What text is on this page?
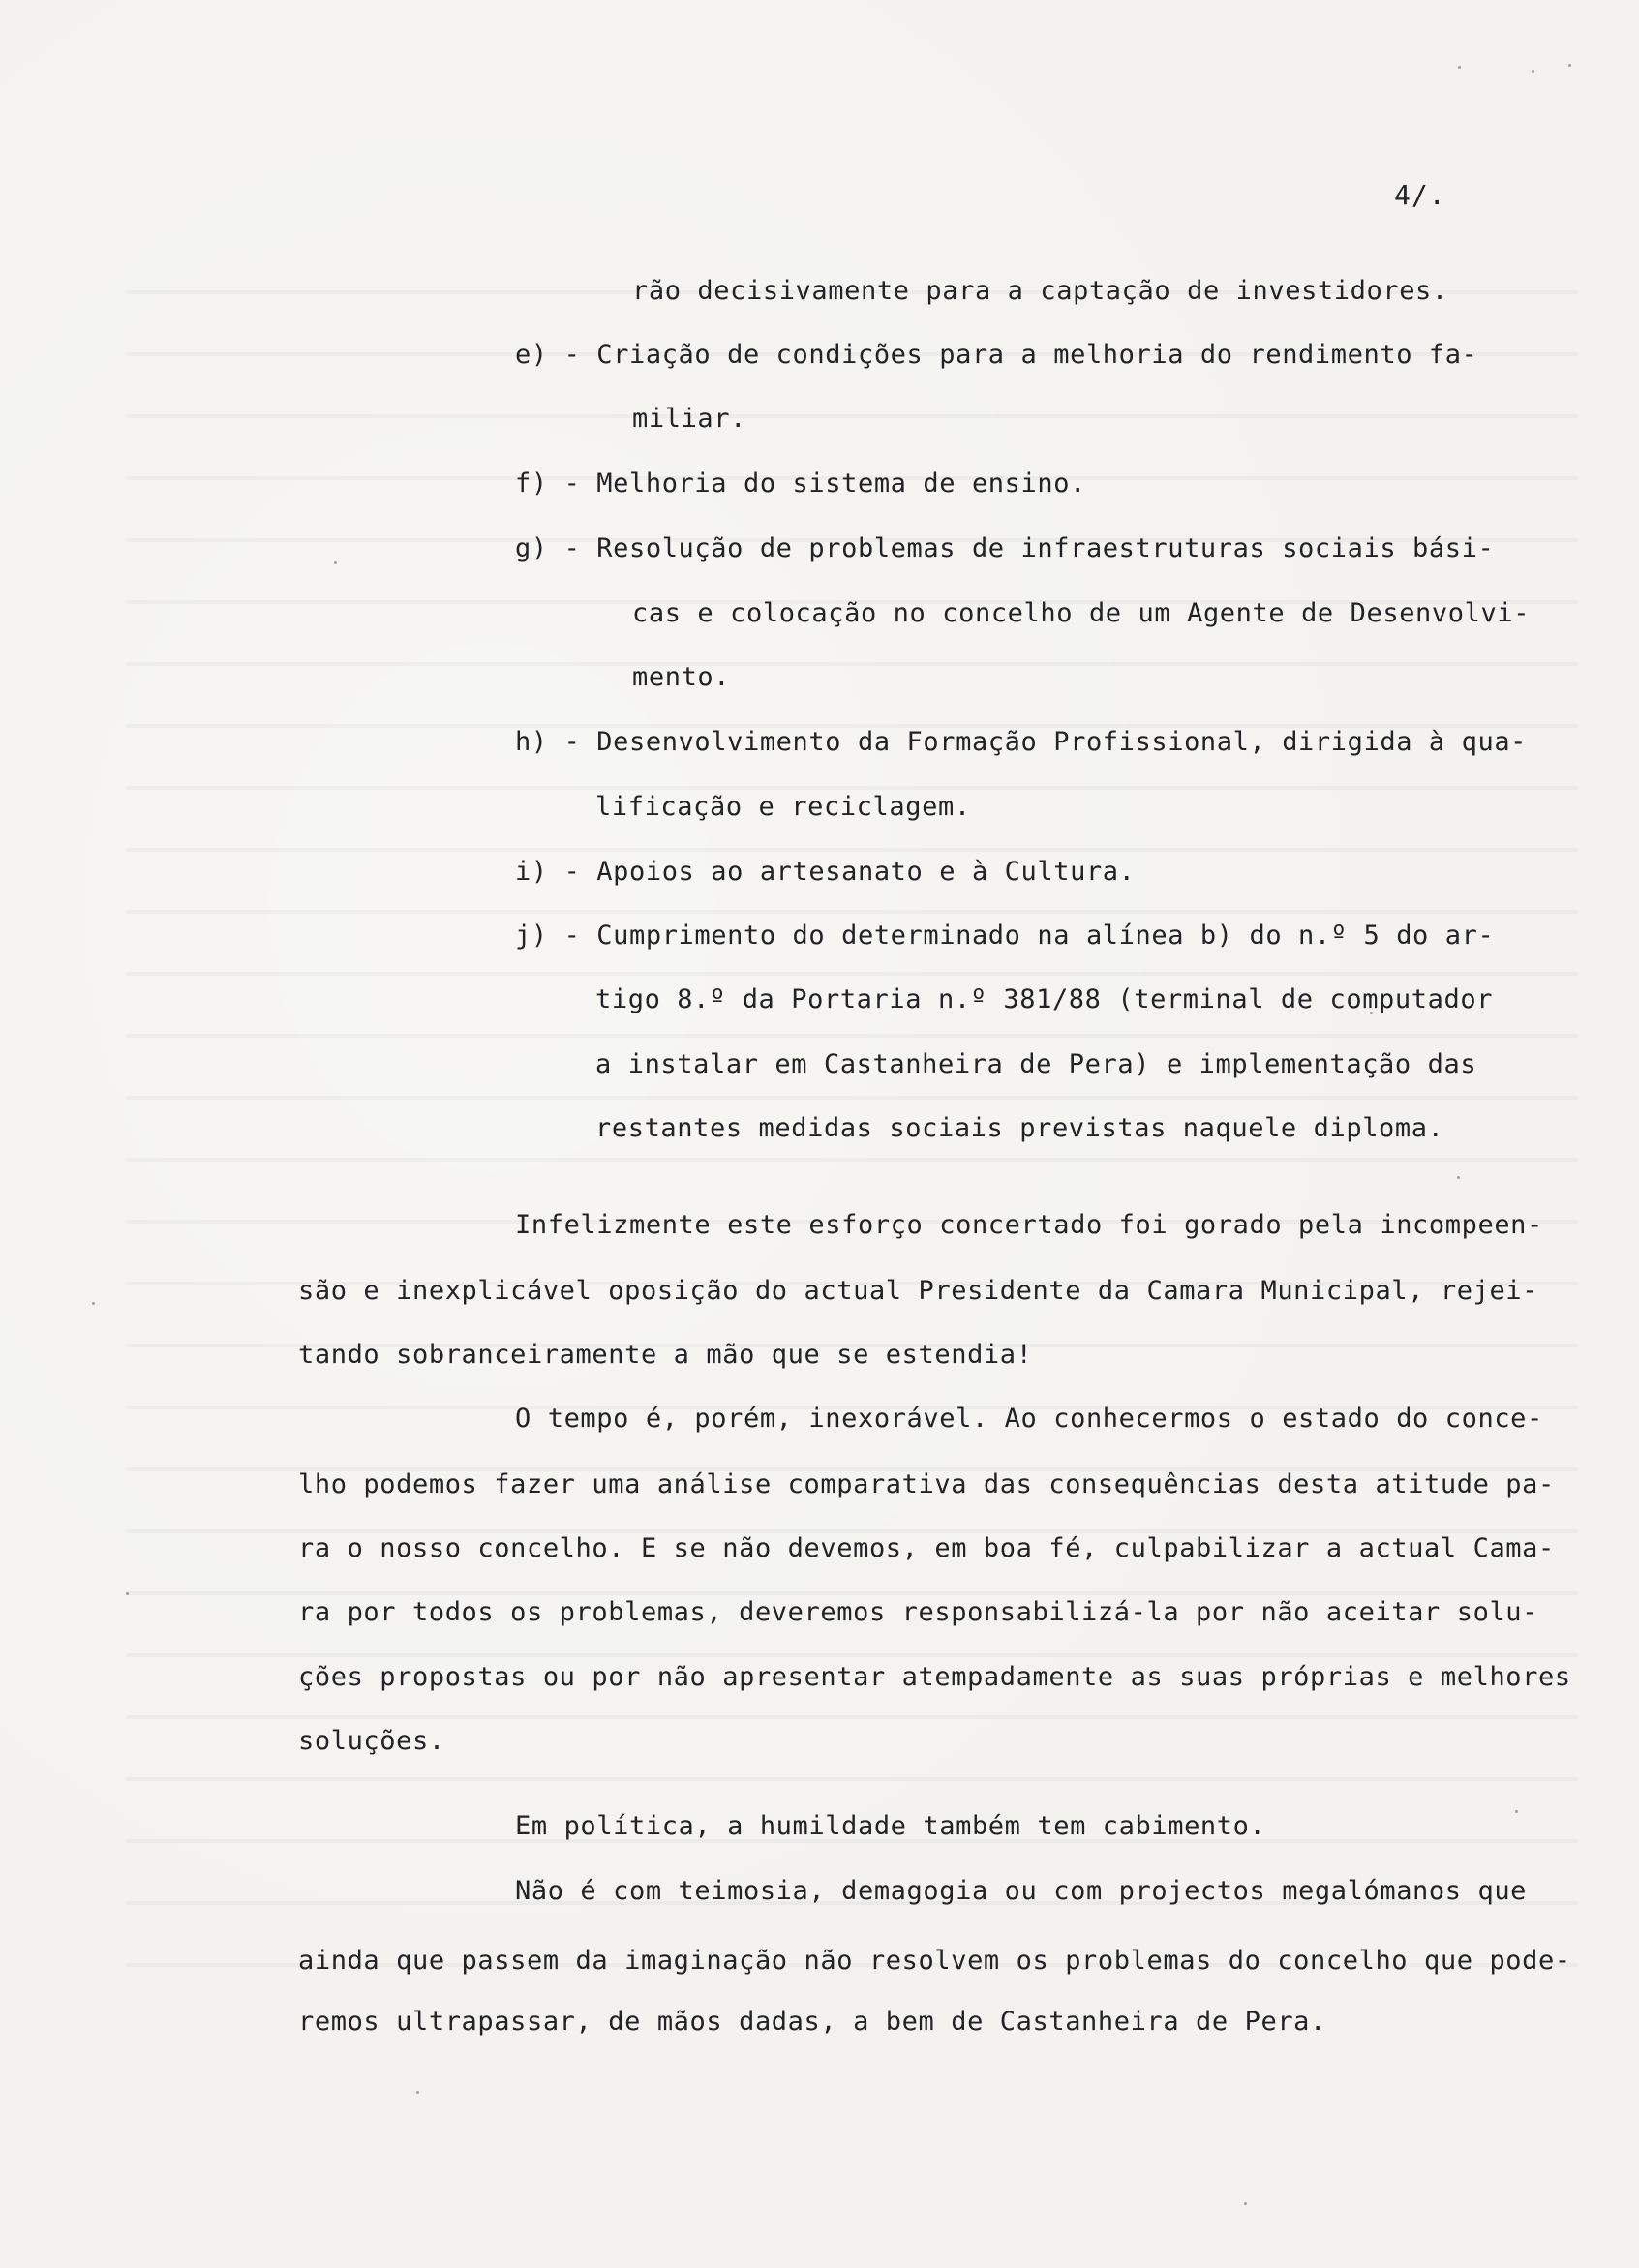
4/.
rão decisivamente para a captação de investidores.
e) - Criação de condições para a melhoria do rendimento fa-
miliar.
f) - Melhoria do sistema de ensino.
g) - Resolução de problemas de infraestruturas sociais bási-
cas e colocação no concelho de um Agente de Desenvolvi-
mento.
h) - Desenvolvimento da Formação Profissional, dirigida à qua-
lificação e reciclagem.
i) - Apoios ao artesanato e à Cultura.
j) - Cumprimento do determinado na alínea b) do n.º 5 do ar-
tigo 8.º da Portaria n.º 381/88 (terminal de computador
a instalar em Castanheira de Pera) e implementação das
restantes medidas sociais previstas naquele diploma.
Infelizmente este esforço concertado foi gorado pela incompeen-
são e inexplicável oposição do actual Presidente da Camara Municipal, rejei-
tando sobranceiramente a mão que se estendia!
O tempo é, porém, inexorável. Ao conhecermos o estado do conce-
lho podemos fazer uma análise comparativa das consequências desta atitude pa-
ra o nosso concelho. E se não devemos, em boa fé, culpabilizar a actual Cama-
ra por todos os problemas, deveremos responsabilizá-la por não aceitar solu-
ções propostas ou por não apresentar atempadamente as suas próprias e melhores
soluções.
Em política, a humildade também tem cabimento.
Não é com teimosia, demagogia ou com projectos megalómanos que
ainda que passem da imaginação não resolvem os problemas do concelho que pode-
remos ultrapassar, de mãos dadas, a bem de Castanheira de Pera.
